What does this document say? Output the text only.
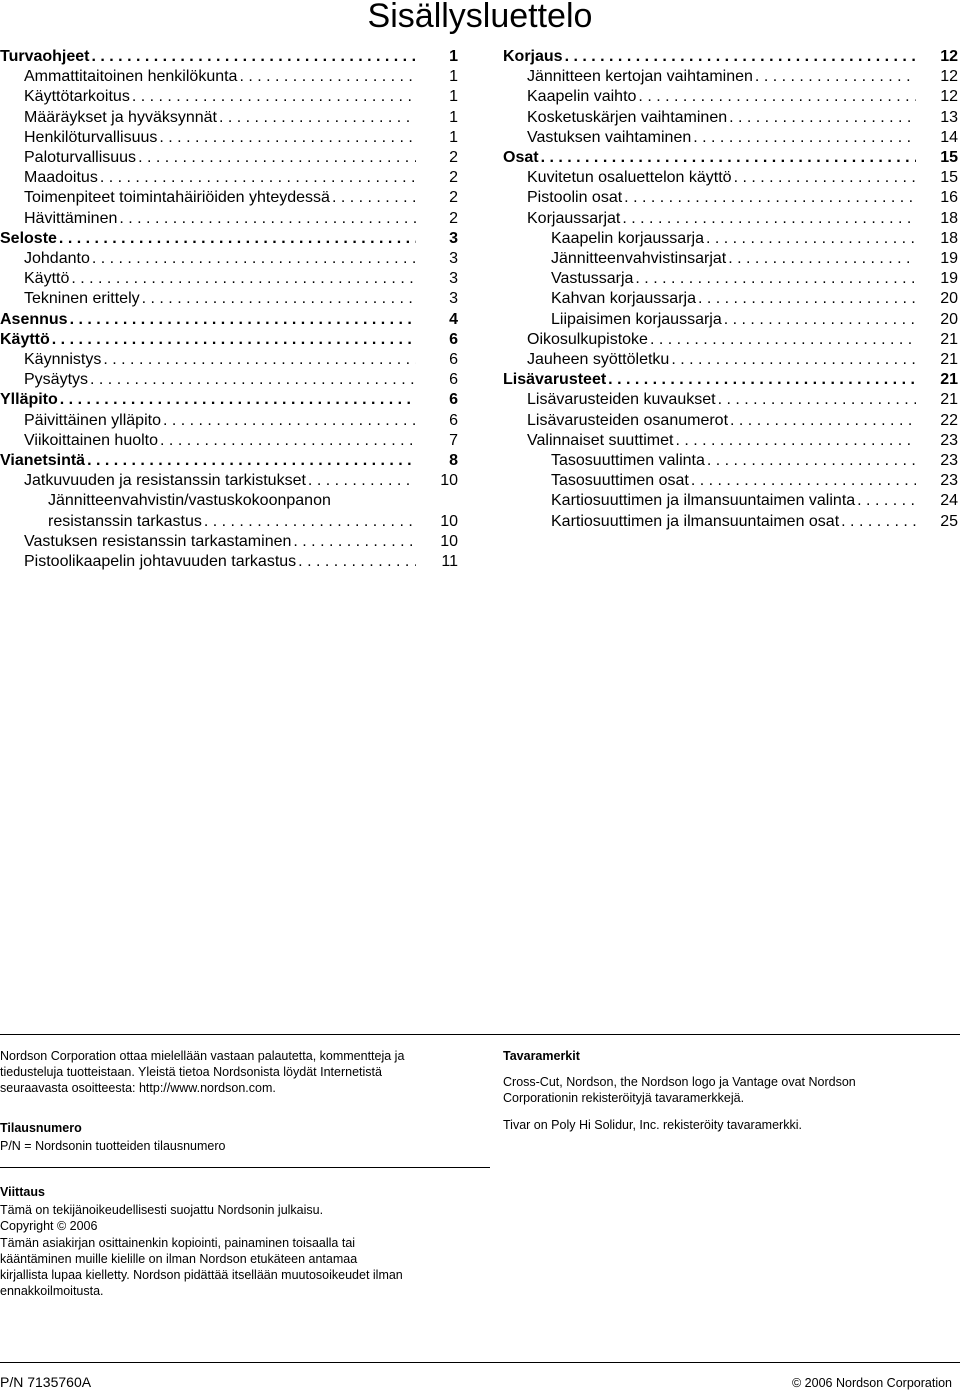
Sisällysluettelo
Turvaohjeet . . .	1
Ammattitaitoinen henkilökunta . . .	1
Käyttötarkoitus . . .	1
Määräykset ja hyväksynnät . . .	1
Henkilöturvallisuus . . .	1
Paloturvallisuus . . .	2
Maadoitus . . .	2
Toimenpiteet toimintahäiriöiden yhteydessä . . .	2
Hävittäminen . . .	2
Seloste . . .	3
Johdanto . . .	3
Käyttö . . .	3
Tekninen erittely . . .	3
Asennus . . .	4
Käyttö . . .	6
Käynnistys . . .	6
Pysäytys . . .	6
Ylläpito . . .	6
Päivittäinen ylläpito . . .	6
Viikoittainen huolto . . .	7
Vianetsintä . . .	8
Jatkuvuuden ja resistanssin tarkistukset . . .	10
Jännitteenvahvistin/vastuskokoonpanon
resistanssin tarkastus . . .	10
Vastuksen resistanssin tarkastaminen . . .	10
Pistoolikaapelin johtavuuden tarkastus . . .	11
Korjaus . . .	12
Jännitteen kertojan vaihtaminen . . .	12
Kaapelin vaihto . . .	12
Kosketuskärjen vaihtaminen . . .	13
Vastuksen vaihtaminen . . .	14
Osat . . .	15
Kuvitetun osaluettelon käyttö . . .	15
Pistoolin osat . . .	16
Korjaussarjat . . .	18
Kaapelin korjaussarja . . .	18
Jännitteenvahvistinsarjat . . .	19
Vastussarja . . .	19
Kahvan korjaussarja . . .	20
Liipaisimen korjaussarja . . .	20
Oikosulkupistoke . . .	21
Jauheen syöttöletku . . .	21
Lisävarusteet . . .	21
Lisävarusteiden kuvaukset . . .	21
Lisävarusteiden osanumerot . . .	22
Valinnaiset suuttimet . . .	23
Tasosuuttimen valinta . . .	23
Tasosuuttimen osat . . .	23
Kartiosuuttimen ja ilmansuuntaimen valinta . . .	24
Kartiosuuttimen ja ilmansuuntaimen osat . . .	25

Nordson Corporation ottaa mielellään vastaan palautetta, kommentteja ja

tiedusteluja tuotteistaan. Yleistä tietoa Nordsonista löydät Internetistä

seuraavasta osoitteesta: http://www.nordson.com.

Tilausnumero

P/N = Nordsonin tuotteiden tilausnumero

Tavaramerkit

Cross-Cut, Nordson, the Nordson logo ja Vantage ovat Nordson

Corporationin rekisteröityjä tavaramerkkejä.

Tivar on Poly Hi Solidur, Inc. rekisteröity tavaramerkki.

Viittaus

Tämä on tekijänoikeudellisesti suojattu Nordsonin julkaisu.

Copyright © 2006

Tämän asiakirjan osittainenkin kopiointi, painaminen toisaalla tai

kääntäminen muille kielille on ilman Nordson etukäteen antamaa

kirjallista lupaa kielletty. Nordson pidättää itsellään muutosoikeudet ilman

ennakkoilmoitusta.

P/N 7135760A	© 2006 Nordson Corporation
